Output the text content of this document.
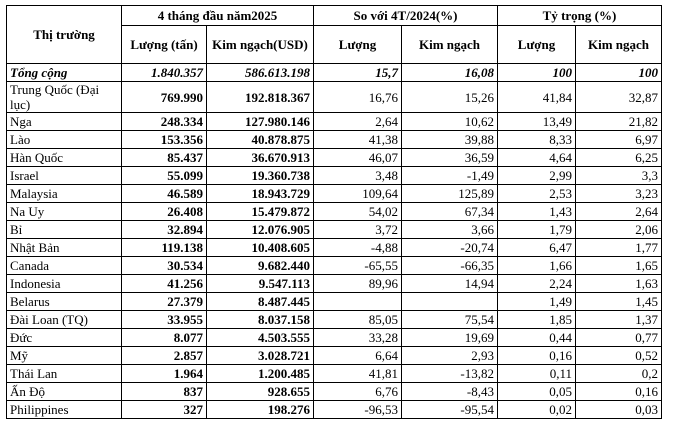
Thị trường	4 tháng đầu năm2025		So với 4T/2024(%)		Tỷ trọng (%)	
	Lượng (tấn)	Kim ngạch(USD)	Lượng	Kim ngạch	Lượng	Kim ngạch
Tổng cộng	1.840.357	586.613.198	15,7	16,08	100	100
Trung Quốc (Đại lục)	769.990	192.818.367	16,76	15,26	41,84	32,87
Nga	248.334	127.980.146	2,64	10,62	13,49	21,82
Lào	153.356	40.878.875	41,38	39,88	8,33	6,97
Hàn Quốc	85.437	36.670.913	46,07	36,59	4,64	6,25
Israel	55.099	19.360.738	3,48	-1,49	2,99	3,3
Malaysia	46.589	18.943.729	109,64	125,89	2,53	3,23
Na Uy	26.408	15.479.872	54,02	67,34	1,43	2,64
Bỉ	32.894	12.076.905	3,72	3,66	1,79	2,06
Nhật Bản	119.138	10.408.605	-4,88	-20,74	6,47	1,77
Canada	30.534	9.682.440	-65,55	-66,35	1,66	1,65
Indonesia	41.256	9.547.113	89,96	14,94	2,24	1,63
Belarus	27.379	8.487.445			1,49	1,45
Đài Loan (TQ)	33.955	8.037.158	85,05	75,54	1,85	1,37
Đức	8.077	4.503.555	33,28	19,69	0,44	0,77
Mỹ	2.857	3.028.721	6,64	2,93	0,16	0,52
Thái Lan	1.964	1.200.485	41,81	-13,82	0,11	0,2
Ấn Độ	837	928.655	6,76	-8,43	0,05	0,16
Philippines	327	198.276	-96,53	-95,54	0,02	0,03
